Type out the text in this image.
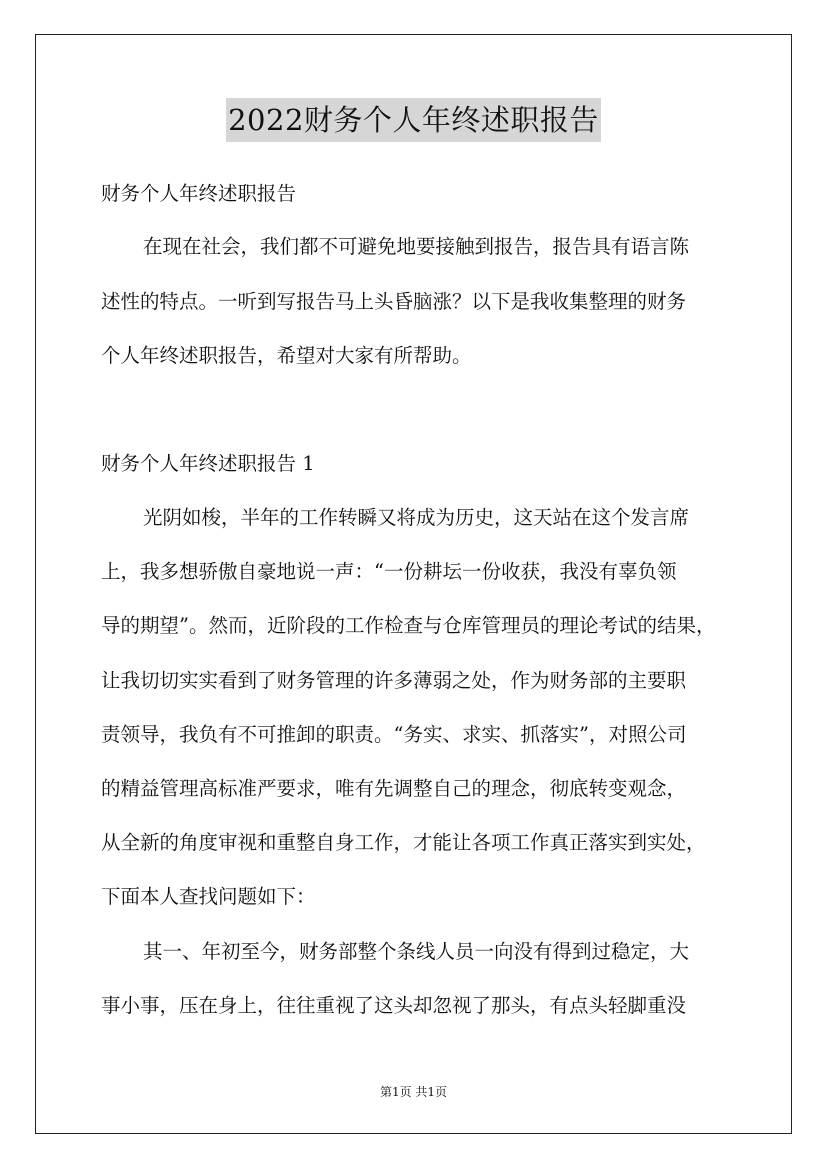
2022财务个人年终述职报告
财务个人年终述职报告
在现在社会，我们都不可避免地要接触到报告，报告具有语言陈
述性的特点。一听到写报告马上头昏脑涨？以下是我收集整理的财务
个人年终述职报告，希望对大家有所帮助。
财务个人年终述职报告 1
光阴如梭，半年的工作转瞬又将成为历史，这天站在这个发言席
上，我多想骄傲自豪地说一声：“一份耕坛一份收获，我没有辜负领
导的期望”。然而，近阶段的工作检查与仓库管理员的理论考试的结果，
让我切切实实看到了财务管理的许多薄弱之处，作为财务部的主要职
责领导，我负有不可推卸的职责。“务实、求实、抓落实”，对照公司
的精益管理高标准严要求，唯有先调整自己的理念，彻底转变观念，
从全新的角度审视和重整自身工作，才能让各项工作真正落实到实处，
下面本人查找问题如下：
其一、年初至今，财务部整个条线人员一向没有得到过稳定，大
事小事，压在身上，往往重视了这头却忽视了那头，有点头轻脚重没
第1页 共1页
